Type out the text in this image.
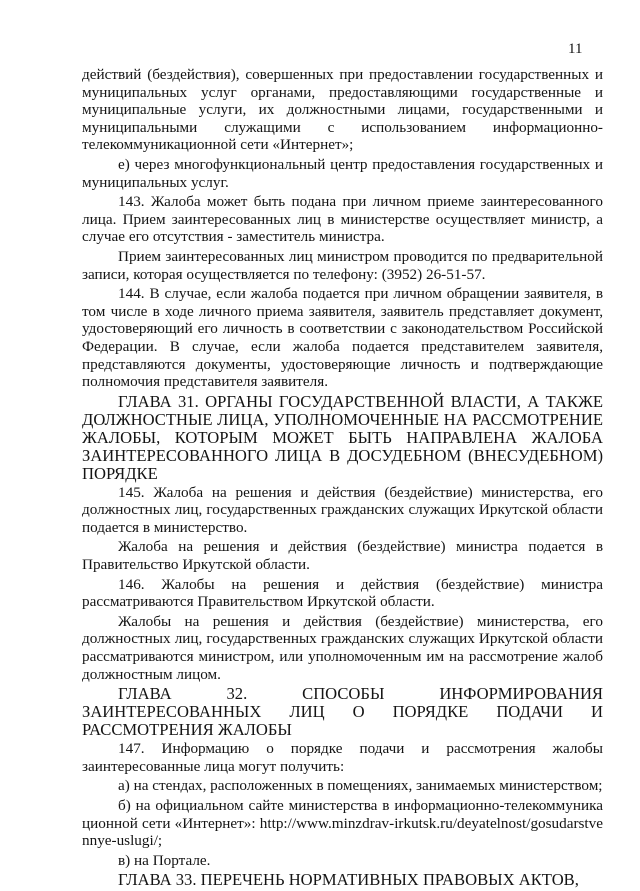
11

действий (бездействия), совершенных при предоставлении государственных и муниципальных услуг органами, предоставляющими государственные и муниципальные услуги, их должностными лицами, государственными и муниципальными служащими с использованием информационно-телекоммуникационной сети «Интернет»;

е) через многофункциональный центр предоставления государственных и муниципальных услуг.

143. Жалоба может быть подана при личном приеме заинтересованного лица. Прием заинтересованных лиц в министерстве осуществляет министр, а случае его отсутствия - заместитель министра.

Прием заинтересованных лиц министром проводится по предварительной записи, которая осуществляется по телефону: (3952) 26-51-57.

144. В случае, если жалоба подается при личном обращении заявителя, в том числе в ходе личного приема заявителя, заявитель представляет документ, удостоверяющий его личность в соответствии с законодательством Российской Федерации. В случае, если жалоба подается представителем заявителя, представляются документы, удостоверяющие личность и подтверждающие полномочия представителя заявителя.

ГЛАВА 31. ОРГАНЫ ГОСУДАРСТВЕННОЙ ВЛАСТИ, А ТАКЖЕ ДОЛЖНОСТНЫЕ ЛИЦА, УПОЛНОМОЧЕННЫЕ НА РАССМОТРЕНИЕ ЖАЛОБЫ, КОТОРЫМ МОЖЕТ БЫТЬ НАПРАВЛЕНА ЖАЛОБА ЗАИНТЕРЕСОВАННОГО ЛИЦА В ДОСУДЕБНОМ (ВНЕСУДЕБНОМ) ПОРЯДКЕ

145. Жалоба на решения и действия (бездействие) министерства, его должностных лиц, государственных гражданских служащих Иркутской области подается в министерство.

Жалоба на решения и действия (бездействие) министра подается в Правительство Иркутской области.

146. Жалобы на решения и действия (бездействие) министра рассматриваются Правительством Иркутской области.

Жалобы на решения и действия (бездействие) министерства, его должностных лиц, государственных гражданских служащих Иркутской области рассматриваются министром, или уполномоченным им на рассмотрение жалоб должностным лицом.

ГЛАВА 32. СПОСОБЫ ИНФОРМИРОВАНИЯ ЗАИНТЕРЕСОВАННЫХ ЛИЦ О ПОРЯДКЕ ПОДАЧИ И РАССМОТРЕНИЯ ЖАЛОБЫ

147. Информацию о порядке подачи и рассмотрения жалобы заинтересованные лица могут получить:

а) на стендах, расположенных в помещениях, занимаемых министерством;

б) на официальном сайте министерства в информационно-телекоммуникационной сети «Интернет»: http://www.minzdrav-irkutsk.ru/deyatelnost/gosudarstvennye-uslugi/;

в) на Портале.

ГЛАВА 33. ПЕРЕЧЕНЬ НОРМАТИВНЫХ ПРАВОВЫХ АКТОВ,
